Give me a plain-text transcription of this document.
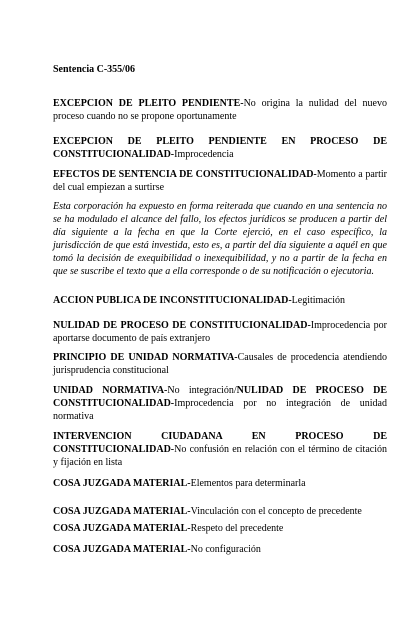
Sentencia C-355/06

EXCEPCION DE PLEITO PENDIENTE-No origina la nulidad del nuevo proceso cuando no se propone oportunamente

EXCEPCION DE PLEITO PENDIENTE EN PROCESO DE CONSTITUCIONALIDAD-Improcedencia

EFECTOS DE SENTENCIA DE CONSTITUCIONALIDAD-Momento a partir del cual empiezan a surtirse

Esta corporación ha expuesto en forma reiterada que cuando en una sentencia no se ha modulado el alcance del fallo, los efectos jurídicos se producen a partir del día siguiente a la fecha en que la Corte ejerció, en el caso específico, la jurisdicción de que está investida, esto es, a partir del día siguiente a aquél en que tomó la decisión de exequibilidad o inexequibilidad, y no a partir de la fecha en que se suscribe el texto que a ella corresponde o de su notificación o ejecutoria.

ACCION PUBLICA DE INCONSTITUCIONALIDAD-Legitimación

NULIDAD DE PROCESO DE CONSTITUCIONALIDAD-Improcedencia por aportarse documento de país extranjero

PRINCIPIO DE UNIDAD NORMATIVA-Causales de procedencia atendiendo jurisprudencia constitucional

UNIDAD NORMATIVA-No integración/NULIDAD DE PROCESO DE CONSTITUCIONALIDAD-Improcedencia por no integración de unidad normativa

INTERVENCION CIUDADANA EN PROCESO DE CONSTITUCIONALIDAD-No confusión en relación con el término de citación y fijación en lista

COSA JUZGADA MATERIAL-Elementos para determinarla

COSA JUZGADA MATERIAL-Vinculación con el concepto de precedente

COSA JUZGADA MATERIAL-Respeto del precedente

COSA JUZGADA MATERIAL-No configuración
